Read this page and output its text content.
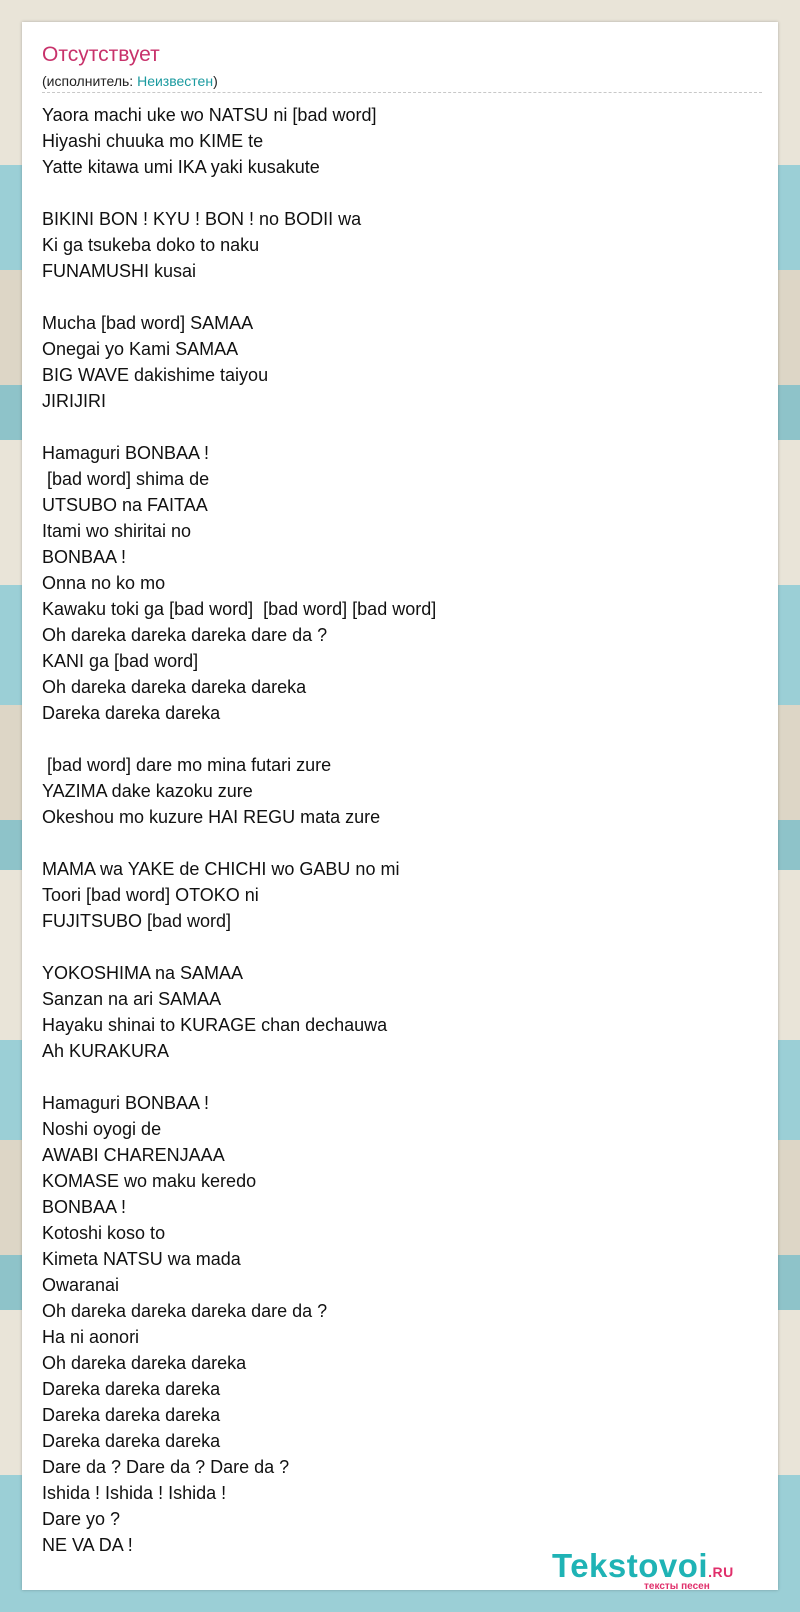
Отсутствует
(исполнитель: Неизвестен)
Yaora machi uke wo NATSU ni [bad word]
Hiyashi chuuka mo KIME te
Yatte kitawa umi IKA yaki kusakute
BIKINI BON ! KYU ! BON ! no BODII wa
Ki ga tsukeba doko to naku
FUNAMUSHI kusai
Mucha [bad word] SAMAA
Onegai yo Kami SAMAA
BIG WAVE dakishime taiyou
JIRIJIRI
Hamaguri BONBAA !
[bad word] shima de
UTSUBO na FAITAA
Itami wo shiritai no
BONBAA !
Onna no ko mo
Kawaku toki ga [bad word]  [bad word] [bad word]
Oh dareka dareka dareka dare da ?
KANI ga [bad word]
Oh dareka dareka dareka dareka
Dareka dareka dareka
[bad word] dare mo mina futari zure
YAZIMA dake kazoku zure
Okeshou mo kuzure HAI REGU mata zure
MAMA wa YAKE de CHICHI wo GABU no mi
Toori [bad word] OTOKO ni
FUJITSUBO [bad word]
YOKOSHIMA na SAMAA
Sanzan na ari SAMAA
Hayaku shinai to KURAGE chan dechauwa
Ah KURAKURA
Hamaguri BONBAA !
Noshi oyogi de
AWABI CHARENJAAA
KOMASE wo maku keredo
BONBAA !
Kotoshi koso to
Kimeta NATSU wa mada
Owaranai
Oh dareka dareka dareka dare da ?
Ha ni aonori
Oh dareka dareka dareka
Dareka dareka dareka
Dareka dareka dareka
Dareka dareka dareka
Dare da ? Dare da ? Dare da ?
Ishida ! Ishida ! Ishida !
Dare yo ?
NE VA DA !
Tekstovoi.RU
тексты песен
